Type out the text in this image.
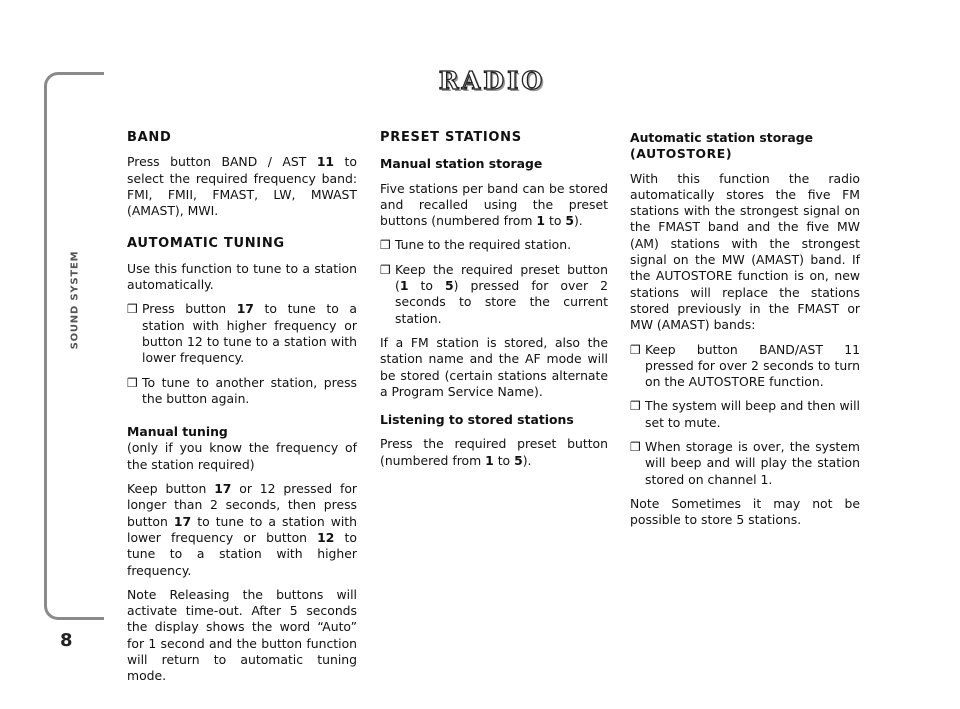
SOUND SYSTEM
8
RADIO

BAND

Press button BAND / AST 11 to select the required frequency band: FMI, FMII, FMAST, LW, MWAST (AMAST), MWI.

AUTOMATIC TUNING

Use this function to tune to a station automatically.

❒ Press button 17 to tune to a station with higher frequency or button 12 to tune to a station with lower frequency.
❒ To tune to another station, press the button again.

Manual tuning

(only if you know the frequency of the station required)

Keep button 17 or 12 pressed for longer than 2 seconds, then press button 17 to tune to a station with lower frequency or button 12 to tune to a station with higher frequency.

Note Releasing the buttons will activate time-out. After 5 seconds the display shows the word “Auto” for 1 second and the button function will return to automatic tuning mode.

PRESET STATIONS

Manual station storage

Five stations per band can be stored and recalled using the preset buttons (numbered from 1 to 5).

❒ Tune to the required station.
❒ Keep the required preset button (1 to 5) pressed for over 2 seconds to store the current station.

If a FM station is stored, also the station name and the AF mode will be stored (certain stations alternate a Program Service Name).

Listening to stored stations

Press the required preset button (numbered from 1 to 5).

Automatic station storage

(AUTOSTORE)

With this function the radio automatically stores the five FM stations with the strongest signal on the FMAST band and the five MW (AM) stations with the strongest signal on the MW (AMAST) band. If the AUTOSTORE function is on, new stations will replace the stations stored previously in the FMAST or MW (AMAST) bands:

❒ Keep button BAND/AST 11 pressed for over 2 seconds to turn on the AUTOSTORE function.
❒ The system will beep and then will set to mute.
❒ When storage is over, the system will beep and will play the station stored on channel 1.

Note Sometimes it may not be possible to store 5 stations.
